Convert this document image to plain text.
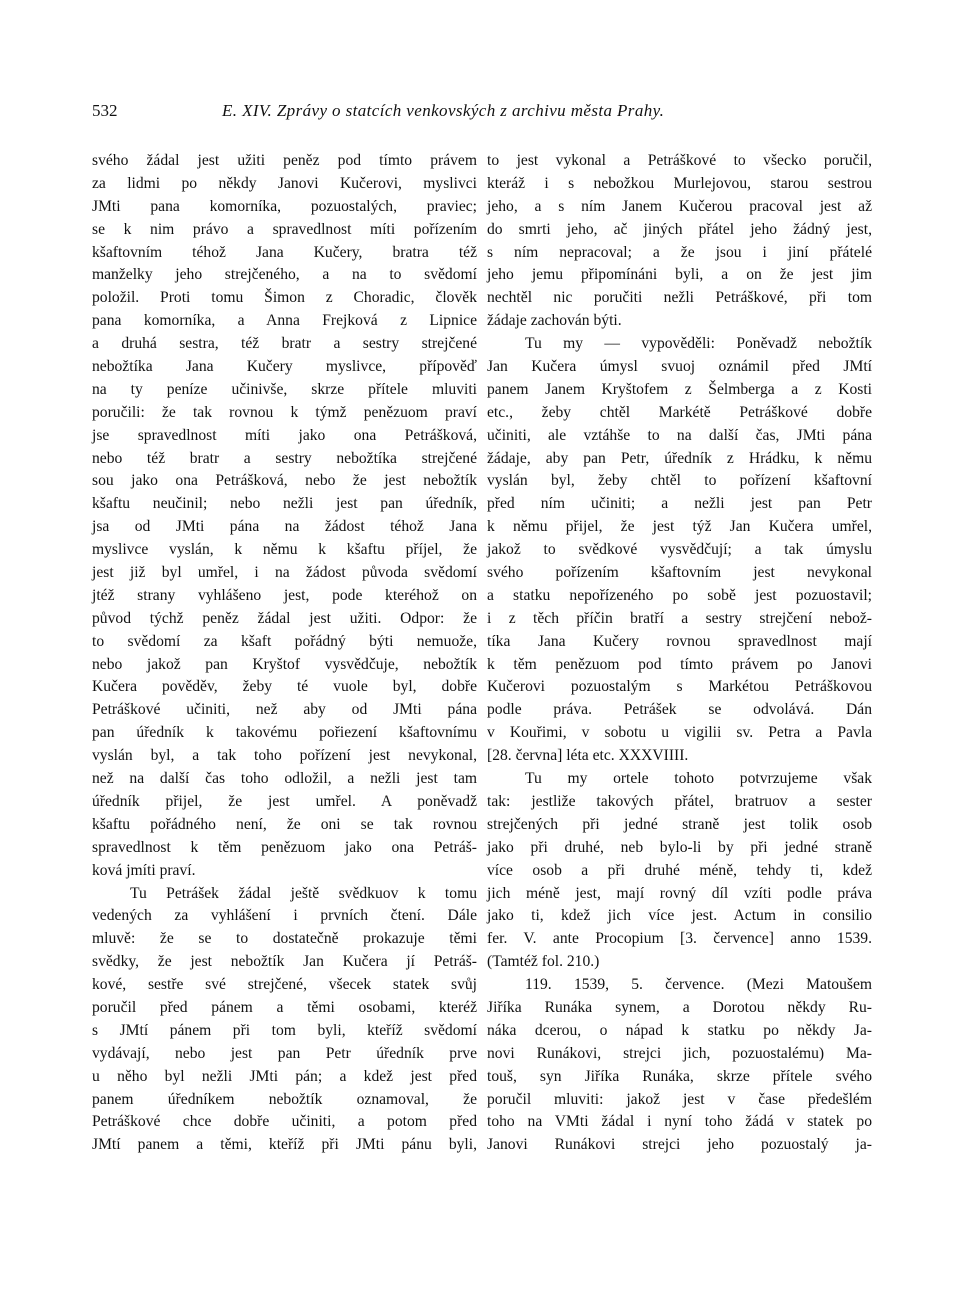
532	E. XIV. Zprávy o statcích venkovských z archivu města Prahy.
svého žádal jest užiti peněz pod tímto právem
za lidmi po někdy Janovi Kučerovi, myslivci
JMti pana komorníka, pozuostalých, praviec;
se k nim právo a spravedlnost míti pořízením
kšaftovním téhož Jana Kučery, bratra též
manželky jeho strejčeného, a na to svědomí
položil. Proti tomu Šimon z Choradic, člověk
pana komorníka, a Anna Frejková z Lipnice
a druhá sestra, též bratr a sestry strejčené
nebožtíka Jana Kučery myslivce, přípověď
na ty peníze učinivše, skrze přítele mluviti
poručili: že tak rovnou k týmž penězuom praví
jse spravedlnost míti jako ona Petrášková,
nebo též bratr a sestry nebožtíka strejčené
sou jako ona Petrášková, nebo že jest nebožtík
kšaftu neučinil; nebo nežli jest pan úředník,
jsa od JMti pána na žádost téhož Jana
myslivce vyslán, k němu k kšaftu příjel, že
jest již byl umřel, i na žádost původa svědomí
jtéž strany vyhlášeno jest, pode kteréhož on
původ týchž peněz žádal jest užiti. Odpor: že
to svědomí za kšaft pořádný býti nemuože,
nebo jakož pan Kryštof vysvědčuje, nebožtík
Kučera pověděv, žeby té vuole byl, dobře
Petráškové učiniti, než aby od JMti pána
pan úředník k takovému pořiezení kšaftovnímu
vyslán byl, a tak toho pořízení jest nevykonal,
než na další čas toho odložil, a nežli jest tam
úředník přijel, že jest umřel. A poněvadž
kšaftu pořádného není, že oni se tak rovnou
spravedlnost k těm penězuom jako ona Petráš-
ková jmíti praví.
Tu Petrášek žádal ještě svědkuov k tomu
vedených za vyhlášení i prvních čtení. Dále
mluvě: že se to dostatečně prokazuje těmi
svědky, že jest nebožtík Jan Kučera jí Petráš-
kové, sestře své strejčené, všecek statek svůj
poručil před pánem a těmi osobami, kteréž
s JMtí pánem při tom byli, kteříž svědomí
vydávají, nebo jest pan Petr úředník prve
u něho byl nežli JMti pán; a kdež jest před
panem úředníkem nebožtík oznamoval, že
Petráškové chce dobře učiniti, a potom před
JMtí panem a těmi, kteříž při JMti pánu byli,
to jest vykonal a Petráškové to všecko poručil,
kteráž i s nebožkou Murlejovou, starou sestrou
jeho, a s ním Janem Kučerou pracoval jest až
do smrti jeho, ač jiných přátel jeho žádný jest,
s ním nepracoval; a že jsou i jiní přátelé
jeho jemu připomínáni byli, a on že jest jim
nechtěl nic poručiti nežli Petráškové, při tom
žádaje zachován býti.
Tu my — vypověděli: Poněvadž nebožtík
Jan Kučera úmysl svuoj oznámil před JMtí
panem Janem Kryštofem z Šelmberga a z Kosti
etc., žeby chtěl Markétě Petráškové dobře
učiniti, ale vztáhše to na další čas, JMti pána
žádaje, aby pan Petr, úředník z Hrádku, k němu
vyslán byl, žeby chtěl to pořízení kšaftovní
před ním učiniti; a nežli jest pan Petr
k němu přijel, že jest týž Jan Kučera umřel,
jakož to svědkové vysvědčují; a tak úmyslu
svého pořízením kšaftovním jest nevykonal
a statku nepořízeného po sobě jest pozuostavil;
i z těch příčin bratří a sestry strejčení nebož-
tíka Jana Kučery rovnou spravedlnost mají
k těm penězuom pod tímto právem po Janovi
Kučerovi pozuostalým s Markétou Petráškovou
podle práva. Petrášek se odvolává. Dán
v Kouřimi, v sobotu u vigilii sv. Petra a Pavla
[28. června] léta etc. XXXVIIII.
Tu my ortele tohoto potvrzujeme však
tak: jestliže takových přátel, bratruov a sester
strejčených při jedné straně jest tolik osob
jako při druhé, neb bylo-li by při jedné straně
více osob a při druhé méně, tehdy ti, kdež
jich méně jest, mají rovný díl vzíti podle práva
jako ti, kdež jich více jest. Actum in consilio
fer. V. ante Procopium [3. července] anno 1539.
(Tamtéž fol. 210.)
119. 1539, 5. července. (Mezi Matoušem
Jiříka Runáka synem, a Dorotou někdy Ru-
náka dcerou, o nápad k statku po někdy Ja-
novi Runákovi, strejci jich, pozuostalému) Ma-
touš, syn Jiříka Runáka, skrze přítele svého
poručil mluviti: jakož jest v čase předešlém
toho na VMti žádal i nyní toho žádá v statek po
Janovi Runákovi strejci jeho pozuostalý ja-
